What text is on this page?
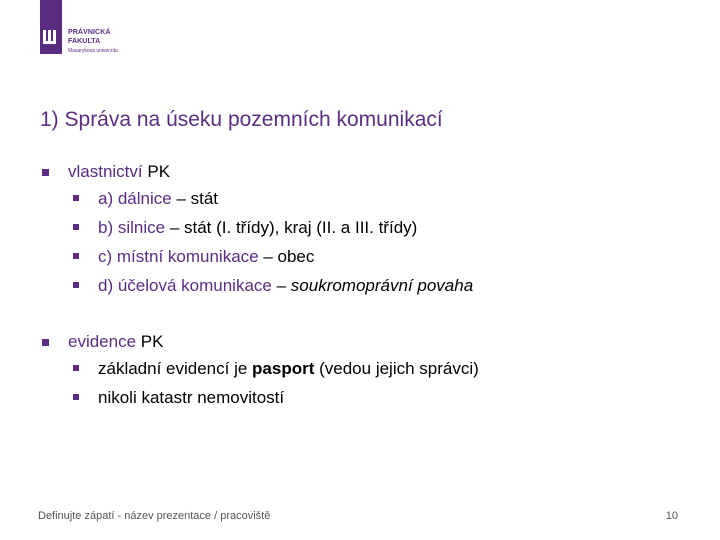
PRÁVNICKÁ
FAKULTA
Masarykova univerzita
1) Správa na úseku pozemních komunikací
vlastnictví PK
a) dálnice – stát
b) silnice – stát (I. třídy), kraj (II. a III. třídy)
c) místní komunikace – obec
d) účelová komunikace – soukromoprávní povaha
evidence PK
základní evidencí je pasport (vedou jejich správci)
nikoli katastr nemovitostí
Definujte zápatí - název prezentace / pracoviště	10
